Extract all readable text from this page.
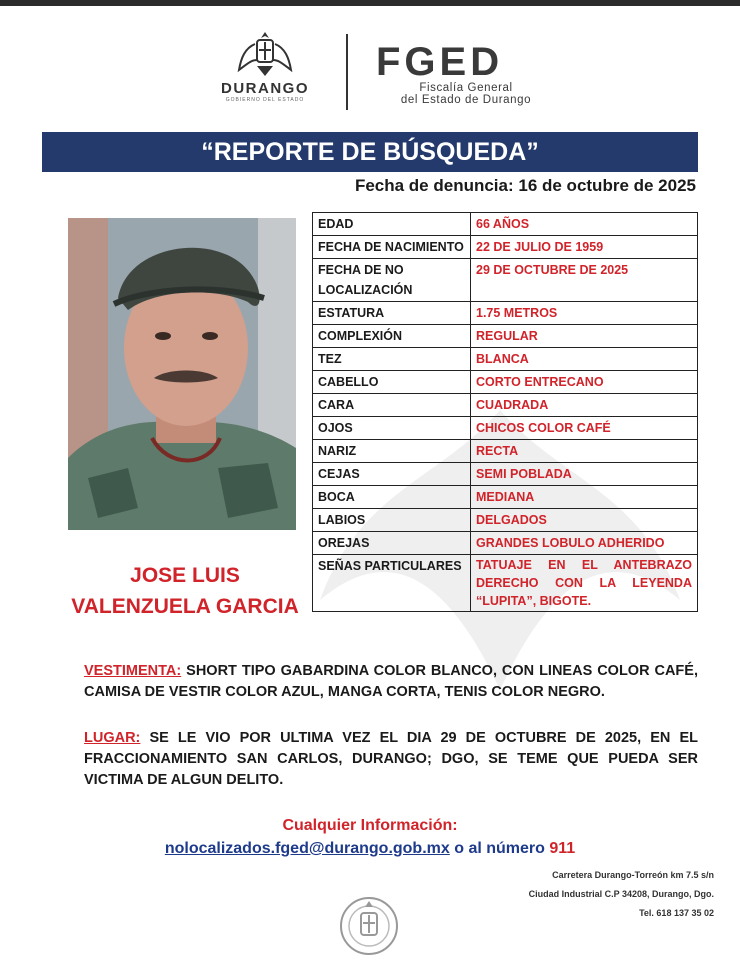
DURANGO
GOBIERNO DEL ESTADO
FGED
Fiscalía General
del Estado de Durango
“REPORTE DE BÚSQUEDA”
Fecha de denuncia: 16 de octubre de 2025
JOSE LUIS
VALENZUELA GARCIA
EDAD	66 AÑOS
FECHA DE NACIMIENTO	22 DE JULIO DE 1959
FECHA DE NO LOCALIZACIÓN	29 DE OCTUBRE DE 2025
ESTATURA	1.75 METROS
COMPLEXIÓN	REGULAR
TEZ	BLANCA
CABELLO	CORTO ENTRECANO
CARA	CUADRADA
OJOS	CHICOS COLOR CAFÉ
NARIZ	RECTA
CEJAS	SEMI POBLADA
BOCA	MEDIANA
LABIOS	DELGADOS
OREJAS	GRANDES LOBULO ADHERIDO
SEÑAS PARTICULARES	TATUAJE EN EL ANTEBRAZO DERECHO CON LA LEYENDA “LUPITA”, BIGOTE.
VESTIMENTA: SHORT TIPO GABARDINA COLOR BLANCO, CON LINEAS COLOR CAFÉ, CAMISA DE VESTIR COLOR AZUL, MANGA CORTA, TENIS COLOR NEGRO.
LUGAR: SE LE VIO POR ULTIMA VEZ EL DIA 29 DE OCTUBRE DE 2025, EN EL FRACCIONAMIENTO SAN CARLOS, DURANGO; DGO, SE TEME QUE PUEDA SER VICTIMA DE ALGUN DELITO.
Cualquier Información:
nolocalizados.fged@durango.gob.mx o al número 911
Carretera Durango-Torreón km 7.5 s/n
Ciudad Industrial C.P 34208, Durango, Dgo.
Tel. 618 137 35 02
